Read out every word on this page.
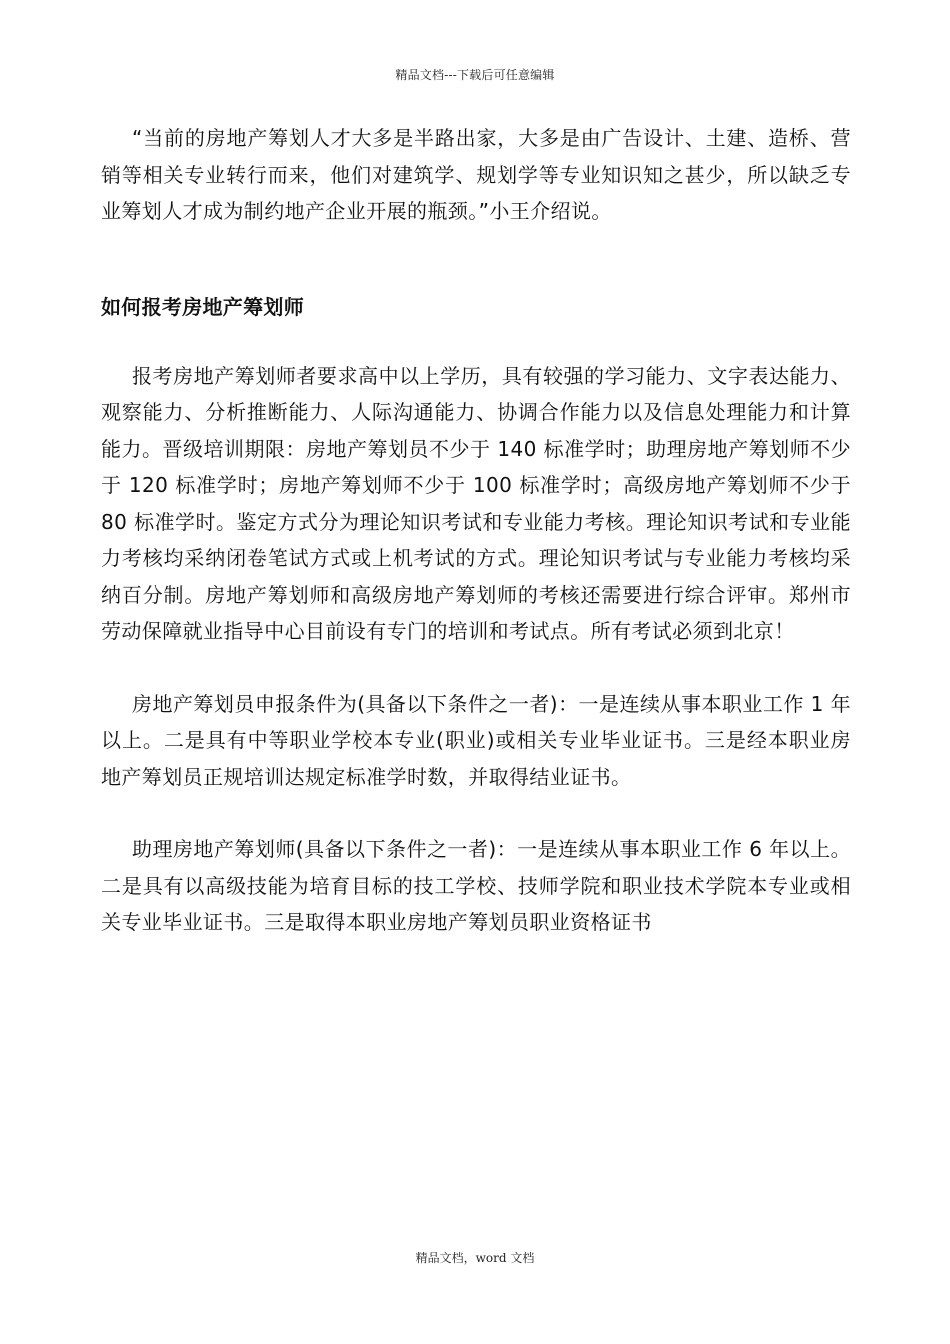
精品文档---下载后可任意编辑

“当前的房地产筹划人才大多是半路出家，大多是由广告设计、土建、造桥、营销等相关专业转行而来，他们对建筑学、规划学等专业知识知之甚少，所以缺乏专业筹划人才成为制约地产企业开展的瓶颈。”小王介绍说。

如何报考房地产筹划师

报考房地产筹划师者要求高中以上学历，具有较强的学习能力、文字表达能力、观察能力、分析推断能力、人际沟通能力、协调合作能力以及信息处理能力和计算能力。晋级培训期限：房地产筹划员不少于 140 标准学时；助理房地产筹划师不少于 120 标准学时；房地产筹划师不少于 100 标准学时；高级房地产筹划师不少于 80 标准学时。鉴定方式分为理论知识考试和专业能力考核。理论知识考试和专业能力考核均采纳闭卷笔试方式或上机考试的方式。理论知识考试与专业能力考核均采纳百分制。房地产筹划师和高级房地产筹划师的考核还需要进行综合评审。郑州市劳动保障就业指导中心目前设有专门的培训和考试点。所有考试必须到北京！

房地产筹划员申报条件为(具备以下条件之一者)：一是连续从事本职业工作 1 年以上。二是具有中等职业学校本专业(职业)或相关专业毕业证书。三是经本职业房地产筹划员正规培训达规定标准学时数，并取得结业证书。

助理房地产筹划师(具备以下条件之一者)：一是连续从事本职业工作 6 年以上。二是具有以高级技能为培育目标的技工学校、技师学院和职业技术学院本专业或相关专业毕业证书。三是取得本职业房地产筹划员职业资格证书

精品文档，word 文档
